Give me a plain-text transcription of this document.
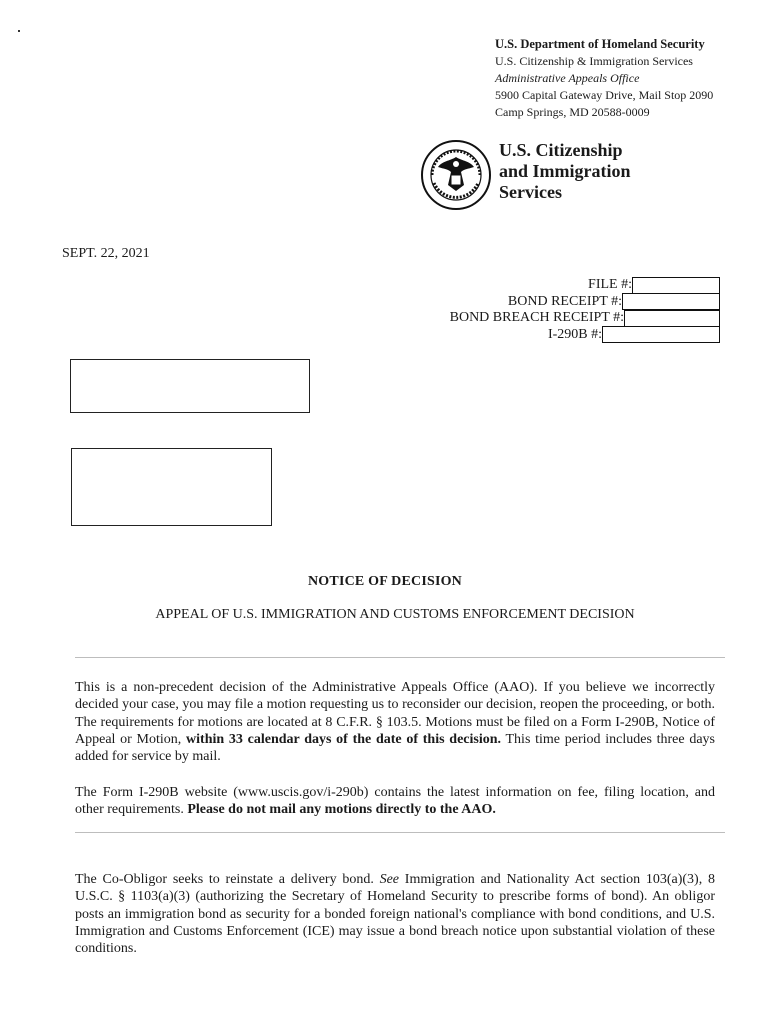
U.S. Department of Homeland Security
U.S. Citizenship & Immigration Services
Administrative Appeals Office
5900 Capital Gateway Drive, Mail Stop 2090
Camp Springs, MD 20588-0009
U.S. Citizenship
and Immigration
Services
SEPT. 22, 2021
FILE #:
BOND RECEIPT #:
BOND BREACH RECEIPT #:
I-290B #:
NOTICE OF DECISION
APPEAL OF U.S. IMMIGRATION AND CUSTOMS ENFORCEMENT DECISION
This is a non-precedent decision of the Administrative Appeals Office (AAO). If you believe we incorrectly decided your case, you may file a motion requesting us to reconsider our decision, reopen the proceeding, or both. The requirements for motions are located at 8 C.F.R. § 103.5. Motions must be filed on a Form I-290B, Notice of Appeal or Motion, within 33 calendar days of the date of this decision. This time period includes three days added for service by mail.
The Form I-290B website (www.uscis.gov/i-290b) contains the latest information on fee, filing location, and other requirements. Please do not mail any motions directly to the AAO.
The Co-Obligor seeks to reinstate a delivery bond. See Immigration and Nationality Act section 103(a)(3), 8 U.S.C. § 1103(a)(3) (authorizing the Secretary of Homeland Security to prescribe forms of bond). An obligor posts an immigration bond as security for a bonded foreign national's compliance with bond conditions, and U.S. Immigration and Customs Enforcement (ICE) may issue a bond breach notice upon substantial violation of these conditions.
